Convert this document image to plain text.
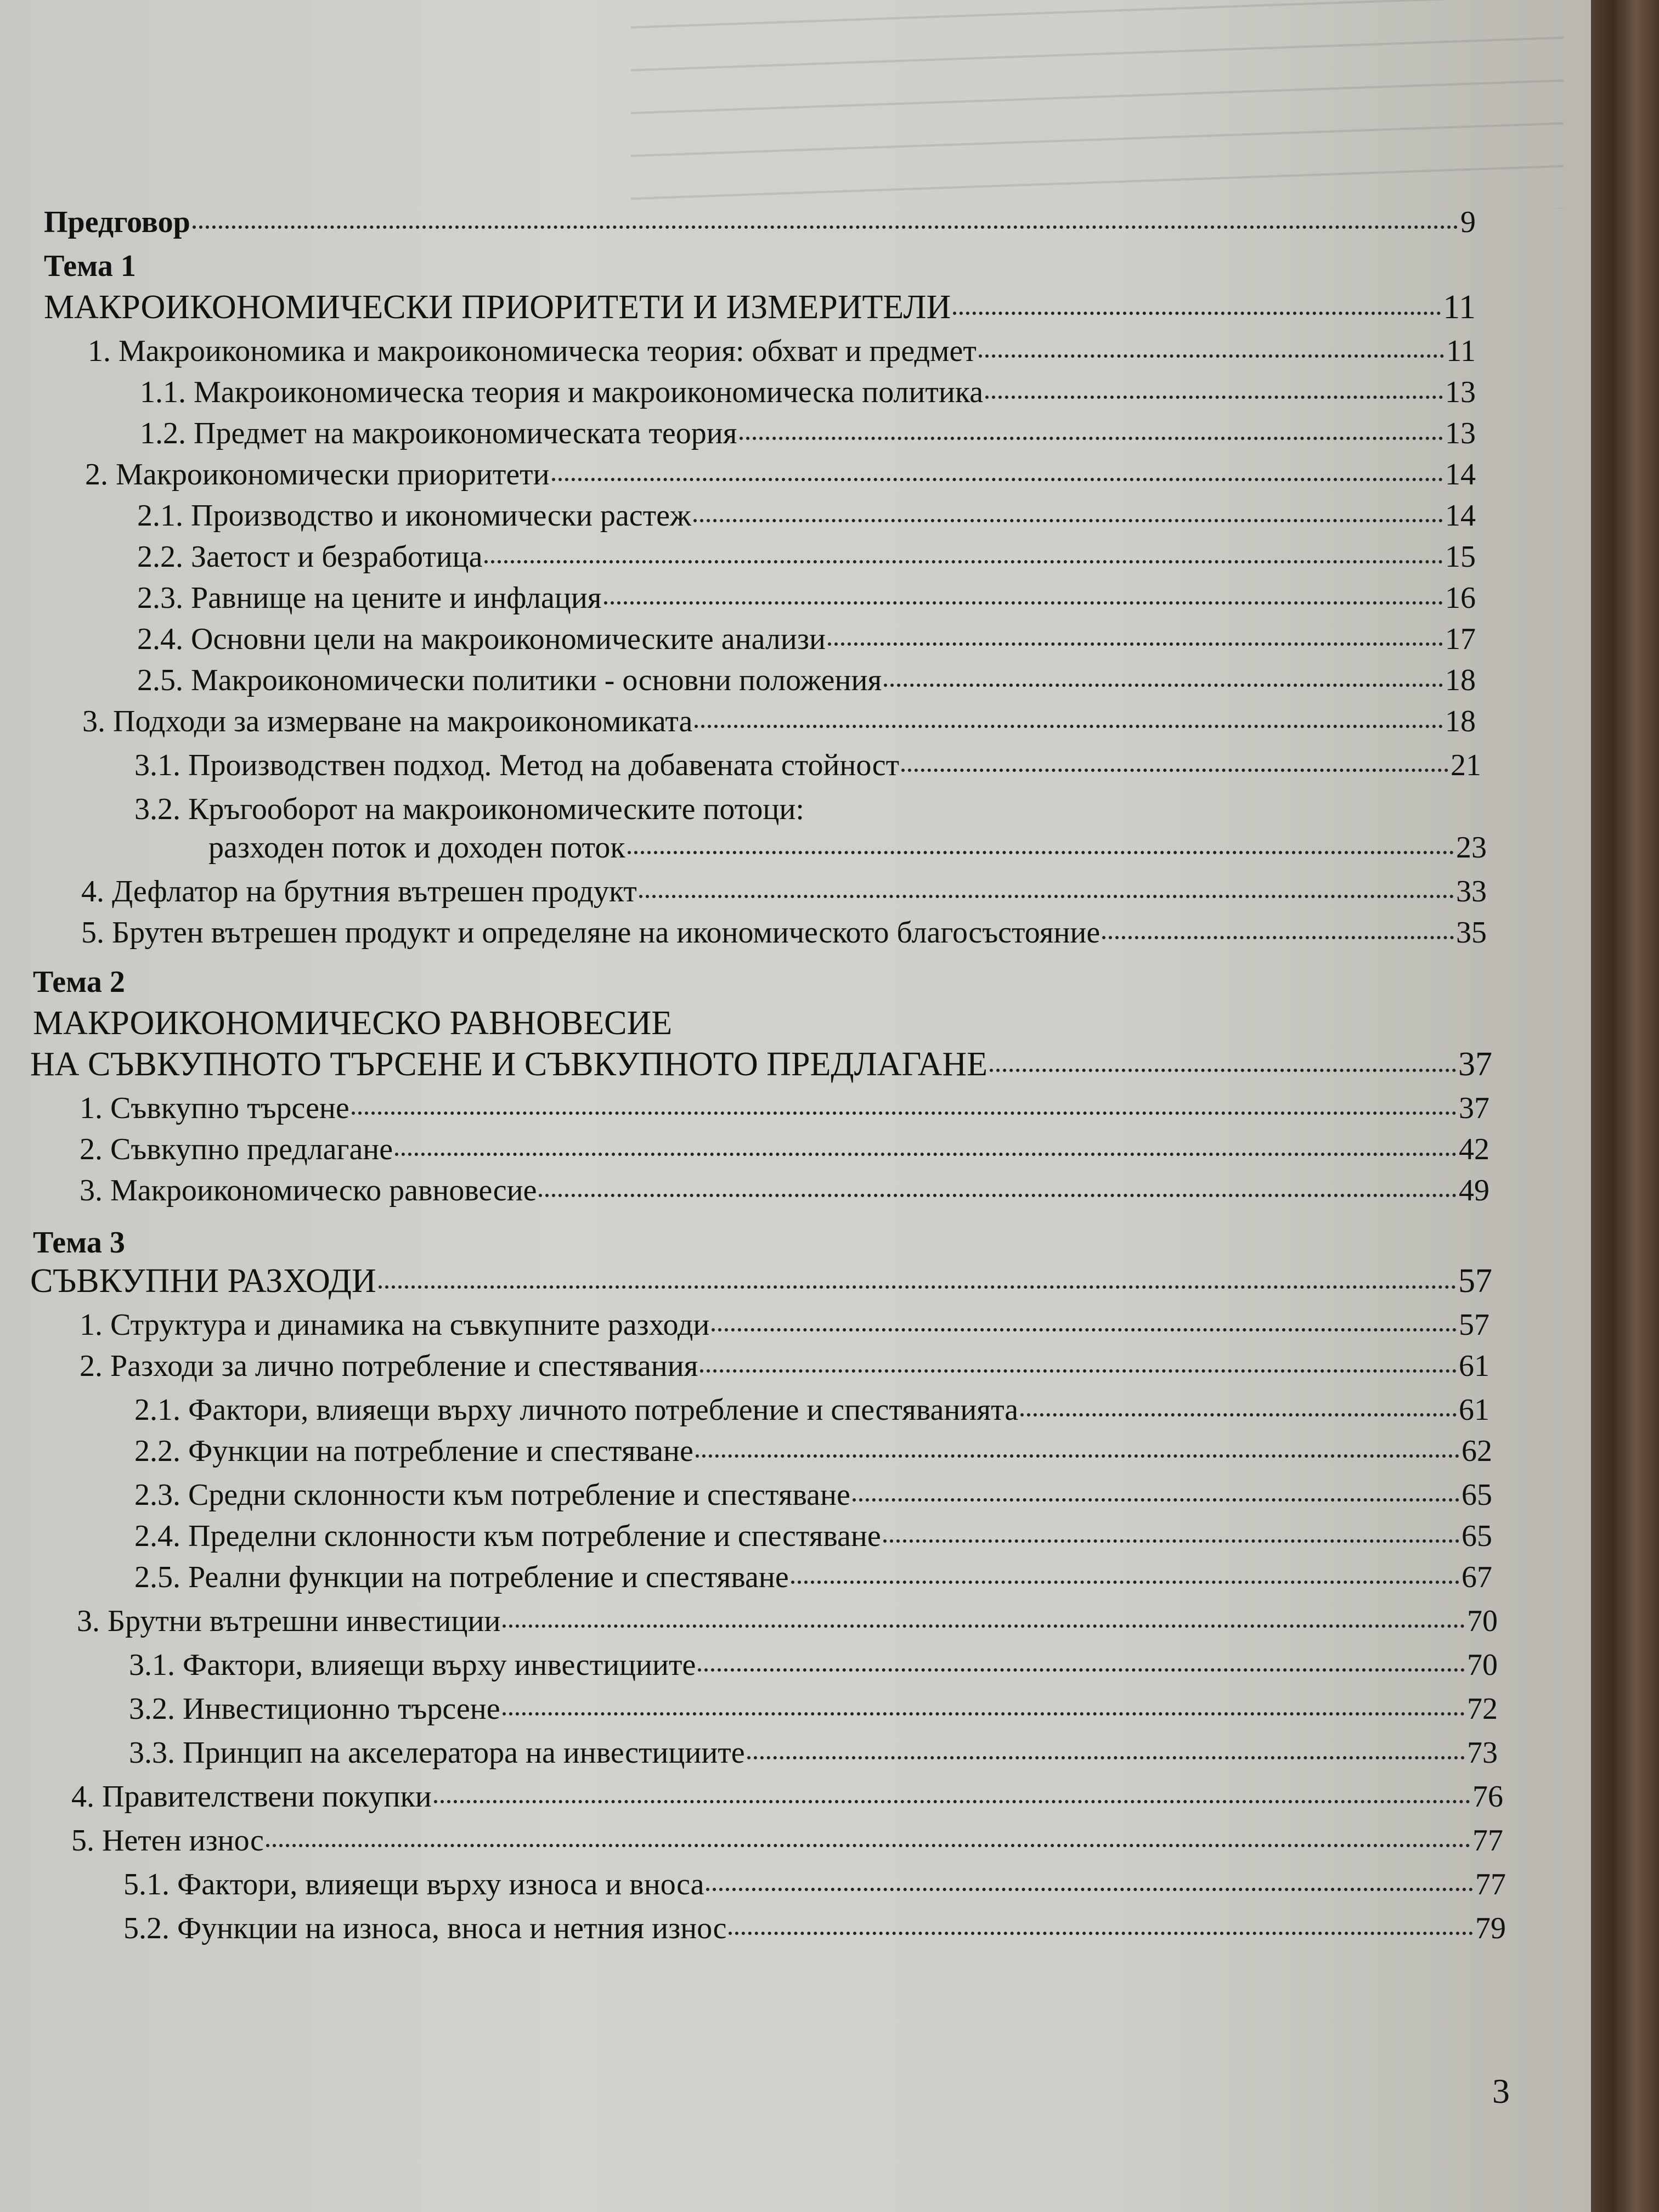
Предговор	9
Тема 1
МАКРОИКОНОМИЧЕСКИ ПРИОРИТЕТИ И ИЗМЕРИТЕЛИ	11
1. Макроикономика и макроикономическа теория: обхват и предмет	11
1.1. Макроикономическа теория и макроикономическа политика	13
1.2. Предмет на макроикономическата теория	13
2. Макроикономически приоритети	14
2.1. Производство и икономически растеж	14
2.2. Заетост и безработица	15
2.3. Равнище на цените и инфлация	16
2.4. Основни цели на макроикономическите анализи	17
2.5. Макроикономически политики - основни положения	18
3. Подходи за измерване на макроикономиката	18
3.1. Производствен подход. Метод на добавената стойност	21
3.2. Кръгооборот на макроикономическите потоци:
разходен поток и доходен поток	23
4. Дефлатор на брутния вътрешен продукт	33
5. Брутен вътрешен продукт и определяне на икономическото благосъстояние	35
Тема 2
МАКРОИКОНОМИЧЕСКО РАВНОВЕСИЕ
НА СЪВКУПНОТО ТЪРСЕНЕ И СЪВКУПНОТО ПРЕДЛАГАНЕ	37
1. Съвкупно търсене	37
2. Съвкупно предлагане	42
3. Макроикономическо равновесие	49
Тема 3
СЪВКУПНИ РАЗХОДИ	57
1. Структура и динамика на съвкупните разходи	57
2. Разходи за лично потребление и спестявания	61
2.1. Фактори, влияещи върху личното потребление и спестяванията	61
2.2. Функции на потребление и спестяване	62
2.3. Средни склонности към потребление и спестяване	65
2.4. Пределни склонности към потребление и спестяване	65
2.5. Реални функции на потребление и спестяване	67
3. Брутни вътрешни инвестиции	70
3.1. Фактори, влияещи върху инвестициите	70
3.2. Инвестиционно търсене	72
3.3. Принцип на акселератора на инвестициите	73
4. Правителствени покупки	76
5. Нетен износ	77
5.1. Фактори, влияещи върху износа и вноса	77
5.2. Функции на износа, вноса и нетния износ	79
3
